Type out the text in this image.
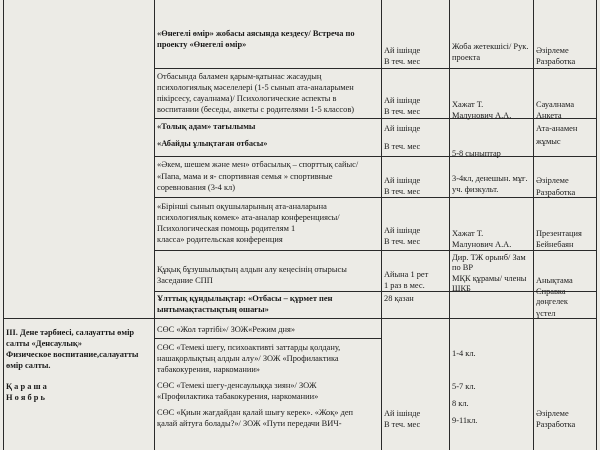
«Өнегелі өмір» жобасы аясында кездесу/ Встреча по
проекту «Өнегелі өмір»
Ай ішінде
В теч. мес
Жоба жетекшісі/ Рук.
проекта
Әзірлеме
Разработка
Отбасында баламен қарым-қатынас жасаудың
психологиялық мәселелері (1-5 сынып ата-аналарымен
пікірсесу, сауалнама)/ Психологические аспекты в
воспитании (беседы, анкеты с родителями 1-5 классов)
Ай ішінде
В теч. мес
Хажат Т.
Малунович А.А.
Сауалнама
Анкета
«Толық адам» тағылымы
«Абайды ұлықтаған отбасы»
Ай ішінде
В теч. мес
5-8 сыныптар
Ата-анамен
жұмыс
«Әкем, шешем және мен» отбасылық – спорттық сайыс/
«Папа, мама и я- спортивная семья » спортивные
соревнования (3-4 кл)
Ай ішінде
В теч. мес
3-4кл, денешын. мұғ.
уч. физкульт.
Әзірлеме
Разработка
«Бірінші сынып оқушыларының ата-аналарына
психологиялық көмек» ата-аналар конференциясы/
Психологическая помощь родителям 1
класса» родительская конференция
Ай ішінде
В теч. мес
Хажат Т.
Малунович А.А.
Презентация
Бейнебаян
Құқық бұзушылықтың алдын алу кеңесінің отырысы
Заседание СПП
Айына 1 рет
1 раз в мес.
Дир. ТЖ орынб/ Зам
по ВР
МҚК құрамы/ члены
ШКБ
Анықтама
Справка
Ұлттық құндылықтар: «Отбасы – құрмет пен
ынтымақтастықтың ошағы»
28 қазан	дөңгелек
үстел
ІІІ. Дене тәрбиесі, салауатты өмір
салты «Денсаулық»
Физическое воспитание,салауатты
өмір салты.
Қ а р а ш а
Н о я б р ь
СӨС «Жол тәртібі»/ ЗОЖ«Режим дня»
СӨС «Темекі шегу, психоактивті заттарды қолдану,
нашақорлықтың алдын алу»/ ЗОЖ «Профилактика
табакокурения, наркомании»
СӨС «Темекі шегу-денсаулыққа зиян»/ ЗОЖ
«Профилактика табакокурения, наркомании»
СӨС «Қиын жағдайдан қалай шығу керек». «Жоқ» деп
қалай айтуға болады?»/ ЗОЖ «Пути передачи ВИЧ-
Ай ішінде
В теч. мес
1-4 кл.
5-7 кл.
8 кл.
9-11кл.
Әзірлеме
Разработка
